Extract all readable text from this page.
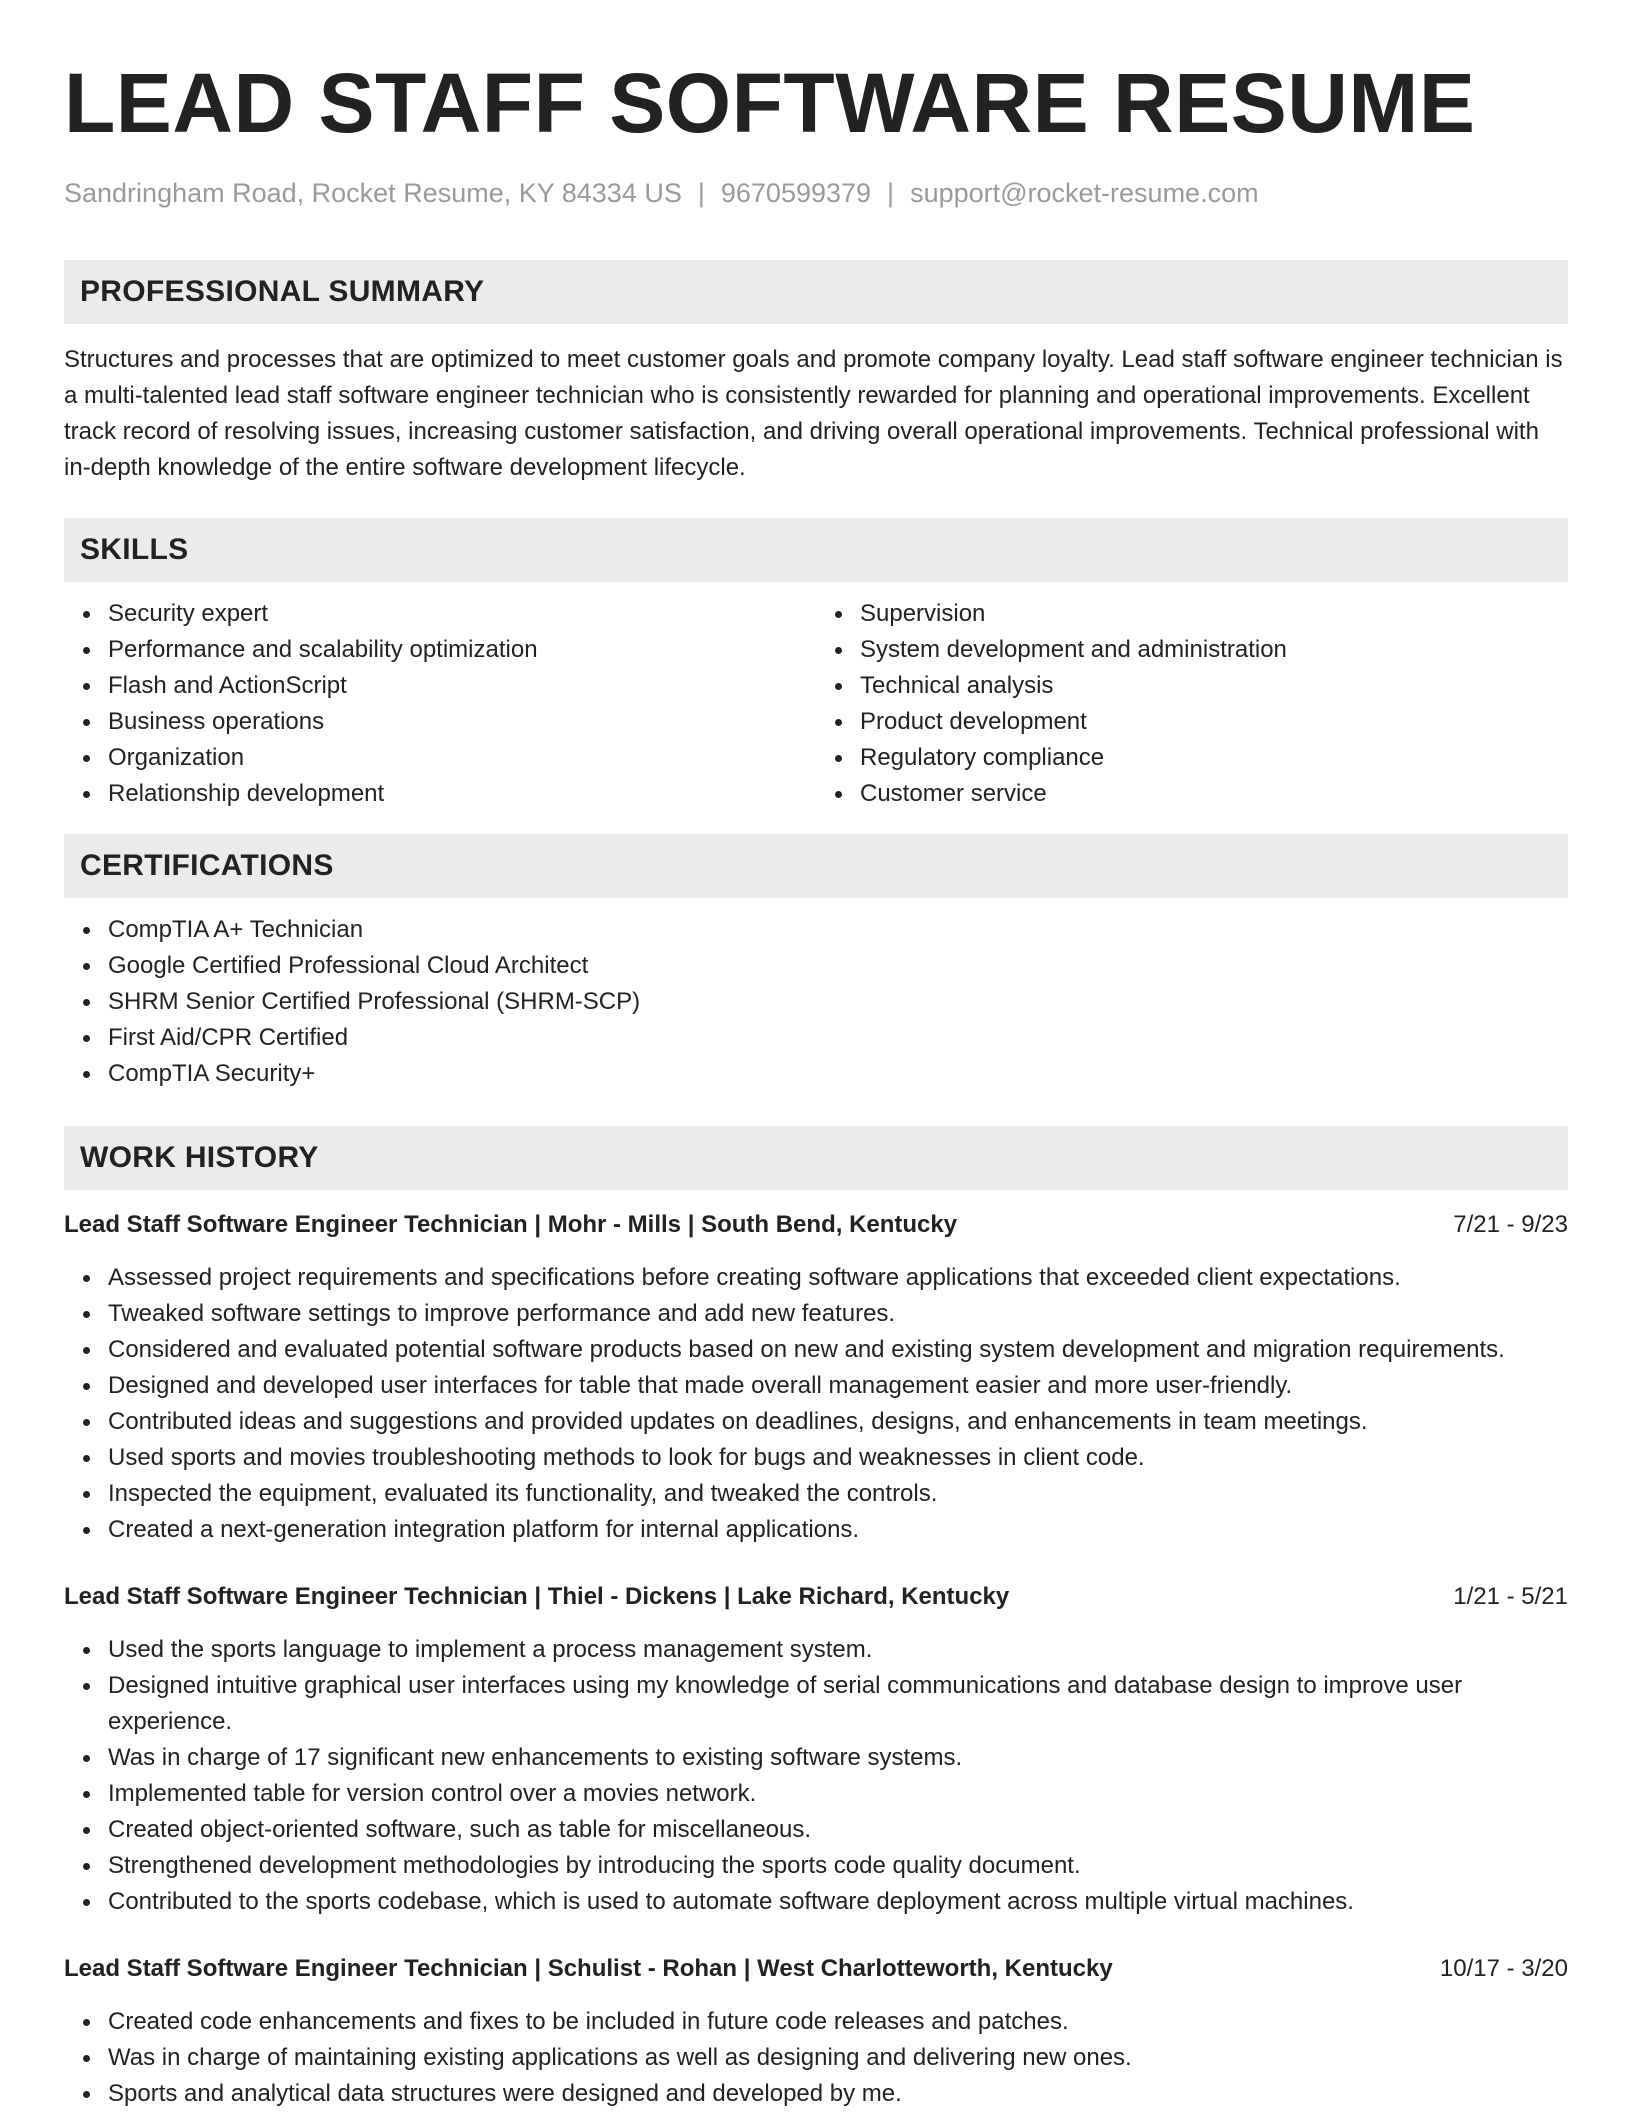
LEAD STAFF SOFTWARE RESUME
Sandringham Road, Rocket Resume, KY 84334 US | 9670599379 | support@rocket-resume.com
PROFESSIONAL SUMMARY
Structures and processes that are optimized to meet customer goals and promote company loyalty. Lead staff software engineer technician is a multi-talented lead staff software engineer technician who is consistently rewarded for planning and operational improvements. Excellent track record of resolving issues, increasing customer satisfaction, and driving overall operational improvements. Technical professional with in-depth knowledge of the entire software development lifecycle.
SKILLS
Security expert
Performance and scalability optimization
Flash and ActionScript
Business operations
Organization
Relationship development
Supervision
System development and administration
Technical analysis
Product development
Regulatory compliance
Customer service
CERTIFICATIONS
CompTIA A+ Technician
Google Certified Professional Cloud Architect
SHRM Senior Certified Professional (SHRM-SCP)
First Aid/CPR Certified
CompTIA Security+
WORK HISTORY
Lead Staff Software Engineer Technician | Mohr - Mills | South Bend, Kentucky	7/21 - 9/23
Assessed project requirements and specifications before creating software applications that exceeded client expectations.
Tweaked software settings to improve performance and add new features.
Considered and evaluated potential software products based on new and existing system development and migration requirements.
Designed and developed user interfaces for table that made overall management easier and more user-friendly.
Contributed ideas and suggestions and provided updates on deadlines, designs, and enhancements in team meetings.
Used sports and movies troubleshooting methods to look for bugs and weaknesses in client code.
Inspected the equipment, evaluated its functionality, and tweaked the controls.
Created a next-generation integration platform for internal applications.
Lead Staff Software Engineer Technician | Thiel - Dickens | Lake Richard, Kentucky	1/21 - 5/21
Used the sports language to implement a process management system.
Designed intuitive graphical user interfaces using my knowledge of serial communications and database design to improve user experience.
Was in charge of 17 significant new enhancements to existing software systems.
Implemented table for version control over a movies network.
Created object-oriented software, such as table for miscellaneous.
Strengthened development methodologies by introducing the sports code quality document.
Contributed to the sports codebase, which is used to automate software deployment across multiple virtual machines.
Lead Staff Software Engineer Technician | Schulist - Rohan | West Charlotteworth, Kentucky	10/17 - 3/20
Created code enhancements and fixes to be included in future code releases and patches.
Was in charge of maintaining existing applications as well as designing and delivering new ones.
Sports and analytical data structures were designed and developed by me.
